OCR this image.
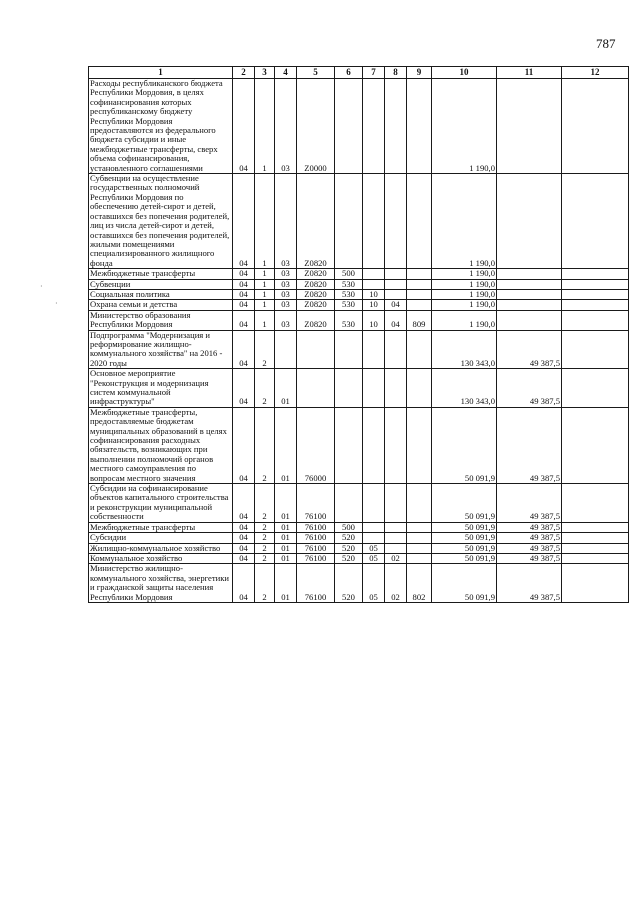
787
·
·
1	2	3	4	5	6	7	8	9	10	11	12
Расходы республиканского бюджета Республики Мордовия, в целях софинансирования которых республиканскому бюджету Республики Мордовия предоставляются из федерального бюджета субсидии и иные межбюджетные трансферты, сверх объема софинансирования, установленного соглашениями	04	1	03	Z0000					1 190,0		
Субвенции на осуществление государственных полномочий Республики Мордовия по обеспечению детей-сирот и детей, оставшихся без попечения родителей, лиц из числа детей-сирот и детей, оставшихся без попечения родителей, жилыми помещениями специализированного жилищного фонда	04	1	03	Z0820					1 190,0		
Межбюджетные трансферты	04	1	03	Z0820	500				1 190,0		
Субвенции	04	1	03	Z0820	530				1 190,0		
Социальная политика	04	1	03	Z0820	530	10			1 190,0		
Охрана семьи и детства	04	1	03	Z0820	530	10	04		1 190,0		
Министерство образования Республики Мордовия	04	1	03	Z0820	530	10	04	809	1 190,0		
Подпрограмма "Модернизация и реформирование жилищно-коммунального хозяйства" на 2016 - 2020 годы	04	2							130 343,0	49 387,5	
Основное мероприятие "Реконструкция и модернизация систем коммунальной инфраструктуры"	04	2	01						130 343,0	49 387,5	
Межбюджетные трансферты, предоставляемые бюджетам муниципальных образований в целях софинансирования расходных обязательств, возникающих при выполнении полномочий органов местного самоуправления по вопросам местного значения	04	2	01	76000					50 091,9	49 387,5	
Субсидии на софинансирование объектов капитального строительства и реконструкции муниципальной собственности	04	2	01	76100					50 091,9	49 387,5	
Межбюджетные трансферты	04	2	01	76100	500				50 091,9	49 387,5	
Субсидии	04	2	01	76100	520				50 091,9	49 387,5	
Жилищно-коммунальное хозяйство	04	2	01	76100	520	05			50 091,9	49 387,5	
Коммунальное хозяйство	04	2	01	76100	520	05	02		50 091,9	49 387,5	
Министерство жилищно-коммунального хозяйства, энергетики и гражданской защиты населения Республики Мордовия	04	2	01	76100	520	05	02	802	50 091,9	49 387,5	
